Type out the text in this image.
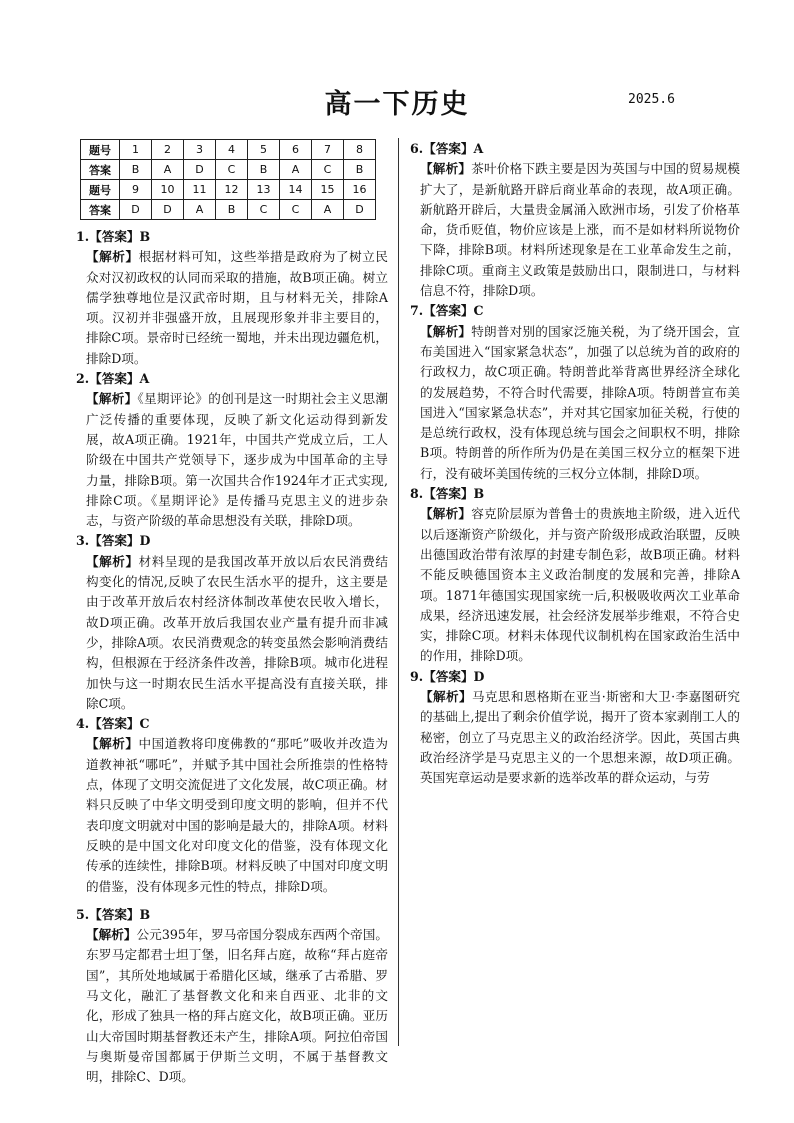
高一下历史	2025.6
题号	1	2	3	4	5	6	7	8
答案	B	A	D	C	B	A	C	B
题号	9	10	11	12	13	14	15	16
答案	D	D	A	B	C	C	A	D
1.【答案】B
【解析】根据材料可知，这些举措是政府为了树立民众对汉初政权的认同而采取的措施，故B项正确。树立儒学独尊地位是汉武帝时期，且与材料无关，排除A项。汉初并非强盛开放，且展现形象并非主要目的，排除C项。景帝时已经统一蜀地，并未出现边疆危机，排除D项。
2.【答案】A
【解析】《星期评论》的创刊是这一时期社会主义思潮广泛传播的重要体现，反映了新文化运动得到新发展，故A项正确。1921年，中国共产党成立后，工人阶级在中国共产党领导下，逐步成为中国革命的主导力量，排除B项。第一次国共合作1924年才正式实现,排除C项。《星期评论》是传播马克思主义的进步杂志，与资产阶级的革命思想没有关联，排除D项。
3.【答案】D
【解析】材料呈现的是我国改革开放以后农民消费结构变化的情况,反映了农民生活水平的提升，这主要是由于改革开放后农村经济体制改革使农民收入增长，故D项正确。改革开放后我国农业产量有提升而非减少，排除A项。农民消费观念的转变虽然会影响消费结构，但根源在于经济条件改善，排除B项。城市化进程加快与这一时期农民生活水平提高没有直接关联，排除C项。
4.【答案】C
【解析】中国道教将印度佛教的“那吒”吸收并改造为道教神祇“哪吒”，并赋予其中国社会所推崇的性格特点，体现了文明交流促进了文化发展，故C项正确。材料只反映了中华文明受到印度文明的影响，但并不代表印度文明就对中国的影响是最大的，排除A项。材料反映的是中国文化对印度文化的借鉴，没有体现文化传承的连续性，排除B项。材料反映了中国对印度文明的借鉴，没有体现多元性的特点，排除D项。
5.【答案】B
【解析】公元395年，罗马帝国分裂成东西两个帝国。东罗马定都君士坦丁堡，旧名拜占庭，故称“拜占庭帝国”，其所处地域属于希腊化区域，继承了古希腊、罗马文化，融汇了基督教文化和来自西亚、北非的文化，形成了独具一格的拜占庭文化，故B项正确。亚历山大帝国时期基督教还未产生，排除A项。阿拉伯帝国与奥斯曼帝国都属于伊斯兰文明，不属于基督教文明，排除C、D项。
6.【答案】A
【解析】茶叶价格下跌主要是因为英国与中国的贸易规模扩大了，是新航路开辟后商业革命的表现，故A项正确。新航路开辟后，大量贵金属涌入欧洲市场，引发了价格革命，货币贬值，物价应该是上涨，而不是如材料所说物价下降，排除B项。材料所述现象是在工业革命发生之前，排除C项。重商主义政策是鼓励出口，限制进口，与材料信息不符，排除D项。
7.【答案】C
【解析】特朗普对别的国家泛施关税，为了绕开国会，宣布美国进入“国家紧急状态”，加强了以总统为首的政府的行政权力，故C项正确。特朗普此举背离世界经济全球化的发展趋势，不符合时代需要，排除A项。特朗普宣布美国进入“国家紧急状态”，并对其它国家加征关税，行使的是总统行政权，没有体现总统与国会之间职权不明，排除B项。特朗普的所作所为仍是在美国三权分立的框架下进行，没有破坏美国传统的三权分立体制，排除D项。
8.【答案】B
【解析】容克阶层原为普鲁士的贵族地主阶级，进入近代以后逐渐资产阶级化，并与资产阶级形成政治联盟，反映出德国政治带有浓厚的封建专制色彩，故B项正确。材料不能反映德国资本主义政治制度的发展和完善，排除A项。1871年德国实现国家统一后,积极吸收两次工业革命成果，经济迅速发展，社会经济发展举步维艰，不符合史实，排除C项。材料未体现代议制机构在国家政治生活中的作用，排除D项。
9.【答案】D
【解析】马克思和恩格斯在亚当·斯密和大卫·李嘉图研究的基础上,提出了剩余价值学说，揭开了资本家剥削工人的秘密，创立了马克思主义的政治经济学。因此，英国古典政治经济学是马克思主义的一个思想来源，故D项正确。英国宪章运动是要求新的选举改革的群众运动，与劳
